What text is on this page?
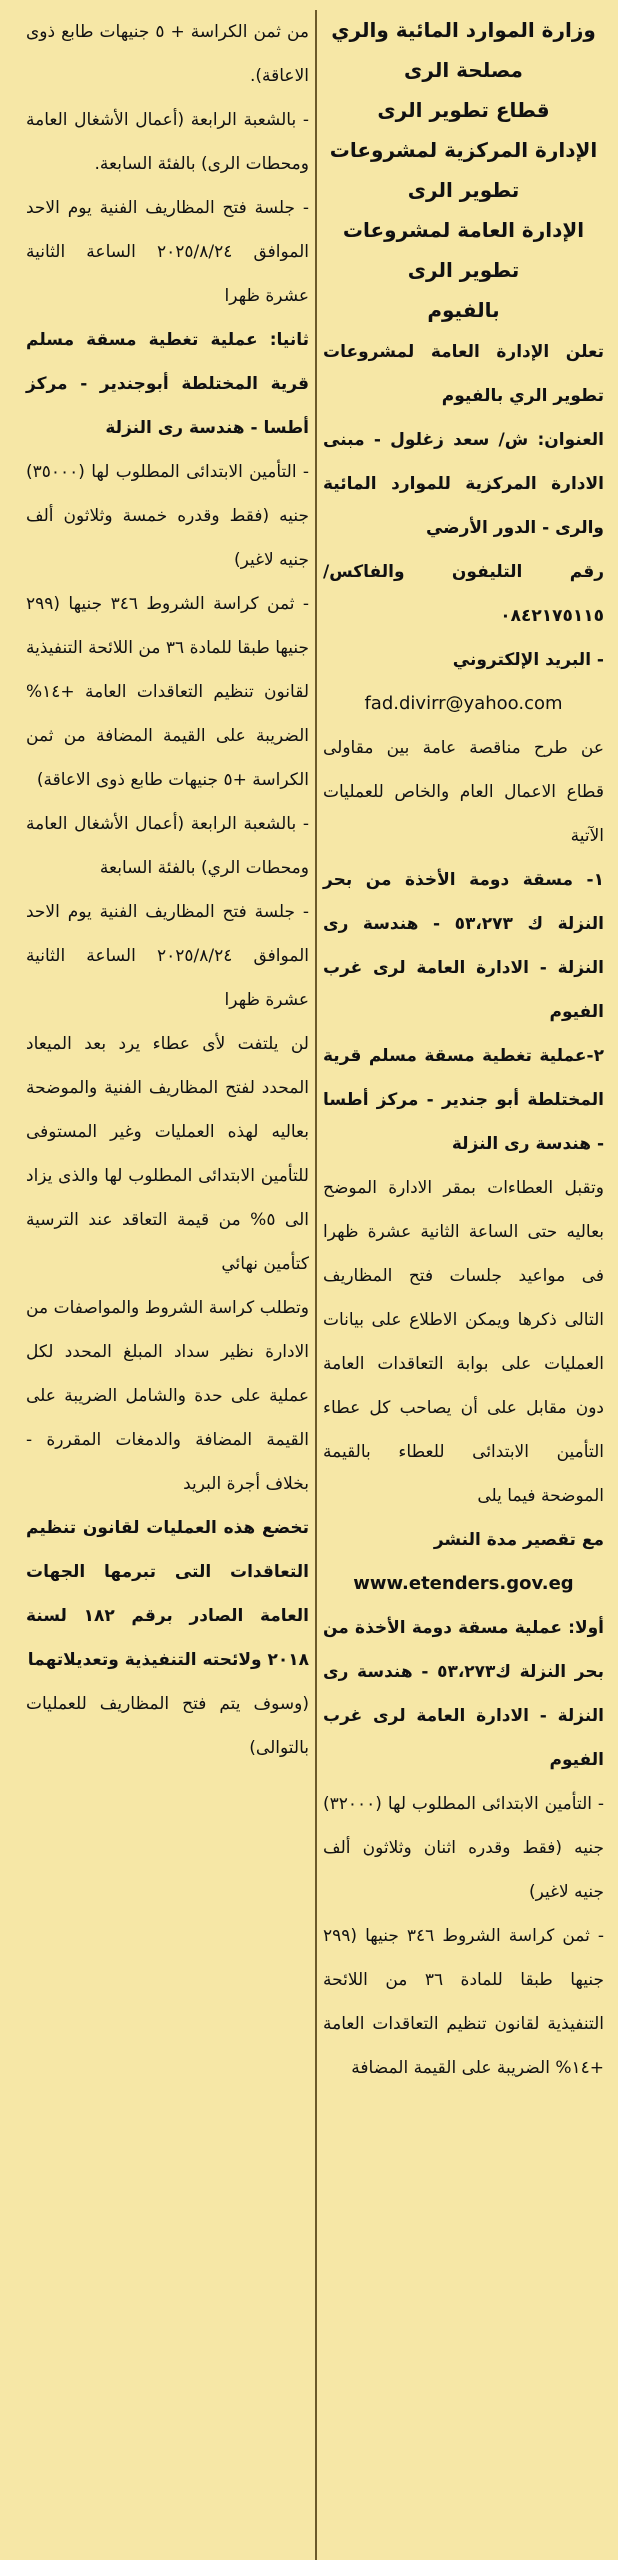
وزارة الموارد المائية والري

مصلحة الرى

قطاع تطوير الرى

الإدارة المركزية لمشروعات

تطوير الرى

الإدارة العامة لمشروعات

تطوير الرى

بالفيوم

تعلن الإدارة العامة لمشروعات تطوير الري بالفيوم

العنوان: ش/ سعد زغلول - مبنى الادارة المركزية للموارد المائية والرى - الدور الأرضي

رقم التليفون والفاكس/ ٠٨٤٢١٧٥١١٥

- البريد الإلكتروني

fad.divirr@yahoo.com

عن طرح مناقصة عامة بين مقاولى قطاع الاعمال العام والخاص للعمليات الآتية

١- مسقة دومة الأخذة من بحر النزلة ك ٥٣،٢٧٣ - هندسة رى النزلة - الادارة العامة لرى غرب الفيوم

٢-عملية تغطية مسقة مسلم قرية المختلطة أبو جندير - مركز أطسا - هندسة رى النزلة

وتقبل العطاءات بمقر الادارة الموضح بعاليه حتى الساعة الثانية عشرة ظهرا فى مواعيد جلسات فتح المظاريف التالى ذكرها ويمكن الاطلاع على بيانات العمليات على بوابة التعاقدات العامة دون مقابل على أن يصاحب كل عطاء التأمين الابتدائى للعطاء بالقيمة الموضحة فيما يلى

مع تقصير مدة النشر

www.etenders.gov.eg

أولا: عملية مسقة دومة الأخذة من بحر النزلة ك٥٣،٢٧٣ - هندسة رى النزلة - الادارة العامة لرى غرب الفيوم

- التأمين الابتدائى المطلوب لها (٣٢٠٠٠) جنيه (فقط وقدره اثنان وثلاثون ألف جنيه لاغير)

- ثمن كراسة الشروط ٣٤٦ جنيها (٢٩٩ جنيها طبقا للمادة ٣٦ من اللائحة التنفيذية لقانون تنظيم التعاقدات العامة +١٤% الضريبة على القيمة المضافة

من ثمن الكراسة + ٥ جنيهات طابع ذوى الاعاقة).

- بالشعبة الرابعة (أعمال الأشغال العامة ومحطات الرى) بالفئة السابعة.

- جلسة فتح المظاريف الفنية يوم الاحد الموافق ٢٠٢٥/٨/٢٤ الساعة الثانية عشرة ظهرا

ثانيا: عملية تغطية مسقة مسلم قرية المختلطة أبوجندير - مركز أطسا - هندسة رى النزلة

- التأمين الابتدائى المطلوب لها (٣٥٠٠٠) جنيه (فقط وقدره خمسة وثلاثون ألف جنيه لاغير)

- ثمن كراسة الشروط ٣٤٦ جنيها (٢٩٩ جنيها طبقا للمادة ٣٦ من اللائحة التنفيذية لقانون تنظيم التعاقدات العامة +١٤% الضريبة على القيمة المضافة من ثمن الكراسة +٥ جنيهات طابع ذوى الاعاقة)

- بالشعبة الرابعة (أعمال الأشغال العامة ومحطات الري) بالفئة السابعة

- جلسة فتح المظاريف الفنية يوم الاحد الموافق ٢٠٢٥/٨/٢٤ الساعة الثانية عشرة ظهرا

لن يلتفت لأى عطاء يرد بعد الميعاد المحدد لفتح المظاريف الفنية والموضحة بعاليه لهذه العمليات وغير المستوفى للتأمين الابتدائى المطلوب لها والذى يزاد الى ٥% من قيمة التعاقد عند الترسية كتأمين نهائي

وتطلب كراسة الشروط والمواصفات من الادارة نظير سداد المبلغ المحدد لكل عملية على حدة والشامل الضريبة على القيمة المضافة والدمغات المقررة - بخلاف أجرة البريد

تخضع هذه العمليات لقانون تنظيم التعاقدات التى تبرمها الجهات العامة الصادر برقم ١٨٢ لسنة ٢٠١٨ ولائحته التنفيذية وتعديلاتهما

(وسوف يتم فتح المظاريف للعمليات بالتوالى)
